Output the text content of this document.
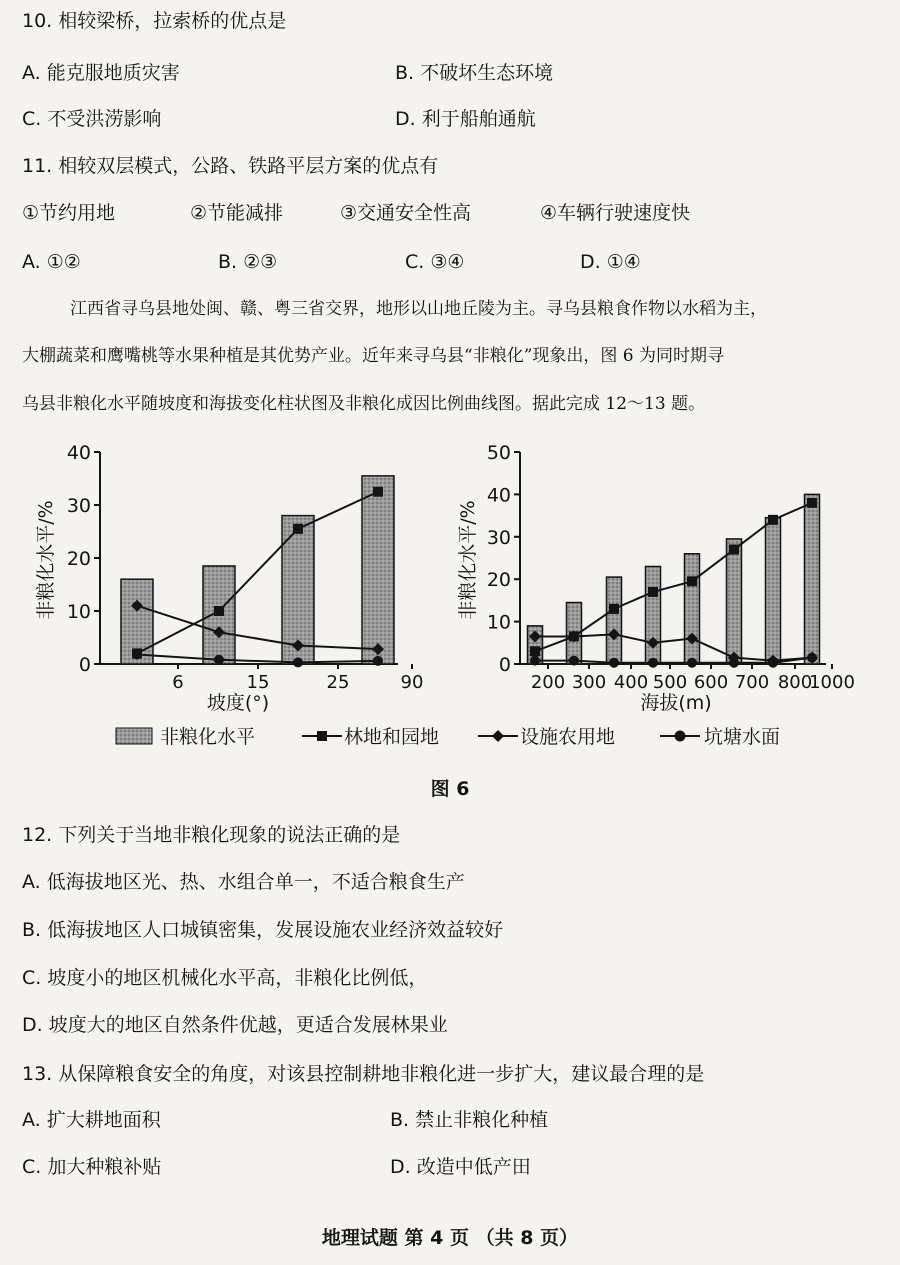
10. 相较梁桥，拉索桥的优点是
A. 能克服地质灾害	B. 不破坏生态环境
C. 不受洪涝影响	D. 利于船舶通航
11. 相较双层模式，公路、铁路平层方案的优点有
①节约用地	②节能减排	③交通安全性高	④车辆行驶速度快
A. ①②	B. ②③	C. ③④	D. ①④
江西省寻乌县地处闽、赣、粤三省交界，地形以山地丘陵为主。寻乌县粮食作物以水稻为主，
大棚蔬菜和鹰嘴桃等水果种植是其优势产业。近年来寻乌县“非粮化”现象出，图 6 为同时期寻
乌县非粮化水平随坡度和海拔变化柱状图及非粮化成因比例曲线图。据此完成 12～13 题。
0
10
20
30
40
6	15	25	90
非粮化水平/%
坡度(°)
0
10
20
30
40
50
200 300 400 500 600 700 800
1000
非粮化水平/%
海拔(m)
非粮化水平	林地和园地	设施农用地	坑塘水面
图 6
12. 下列关于当地非粮化现象的说法正确的是
A. 低海拔地区光、热、水组合单一，不适合粮食生产
B. 低海拔地区人口城镇密集，发展设施农业经济效益较好
C. 坡度小的地区机械化水平高，非粮化比例低，
D. 坡度大的地区自然条件优越，更适合发展林果业
13. 从保障粮食安全的角度，对该县控制耕地非粮化进一步扩大，建议最合理的是
A. 扩大耕地面积	B. 禁止非粮化种植
C. 加大种粮补贴	D. 改造中低产田
地理试题 第 4 页 （共 8 页）
